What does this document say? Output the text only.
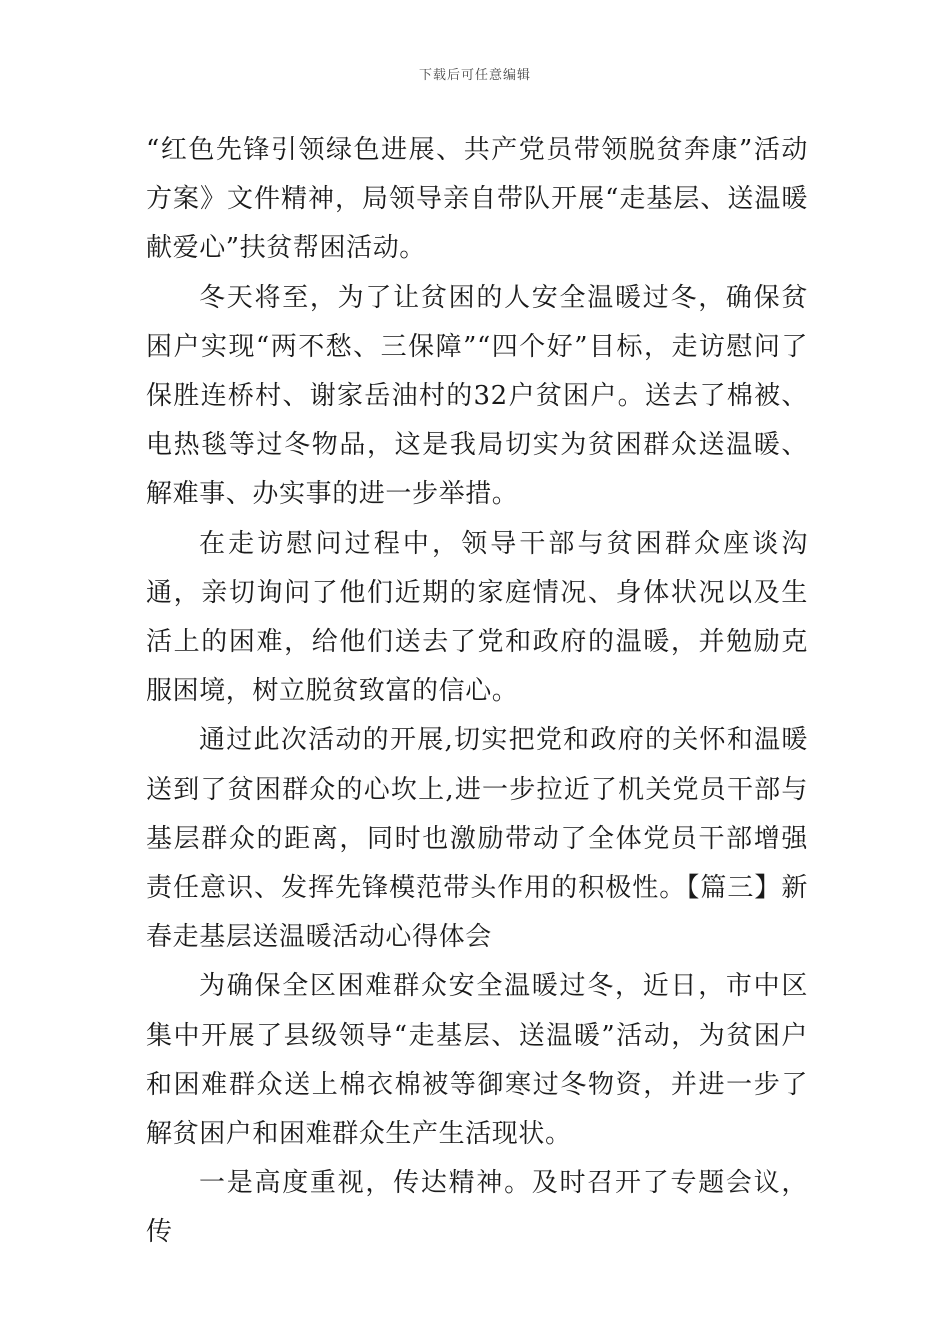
下载后可任意编辑

“红色先锋引领绿色进展、共产党员带领脱贫奔康”活动方案》文件精神，局领导亲自带队开展“走基层、送温暖献爱心”扶贫帮困活动。

冬天将至，为了让贫困的人安全温暖过冬，确保贫困户实现“两不愁、三保障”“四个好”目标，走访慰问了保胜连桥村、谢家岳油村的32户贫困户。送去了棉被、电热毯等过冬物品，这是我局切实为贫困群众送温暖、解难事、办实事的进一步举措。

在走访慰问过程中，领导干部与贫困群众座谈沟通，亲切询问了他们近期的家庭情况、身体状况以及生活上的困难，给他们送去了党和政府的温暖，并勉励克服困境，树立脱贫致富的信心。

通过此次活动的开展,切实把党和政府的关怀和温暖送到了贫困群众的心坎上,进一步拉近了机关党员干部与基层群众的距离，同时也激励带动了全体党员干部增强责任意识、发挥先锋模范带头作用的积极性。【篇三】新春走基层送温暖活动心得体会

为确保全区困难群众安全温暖过冬，近日，市中区集中开展了县级领导“走基层、送温暖”活动，为贫困户和困难群众送上棉衣棉被等御寒过冬物资，并进一步了解贫困户和困难群众生产生活现状。

一是高度重视，传达精神。及时召开了专题会议，传
